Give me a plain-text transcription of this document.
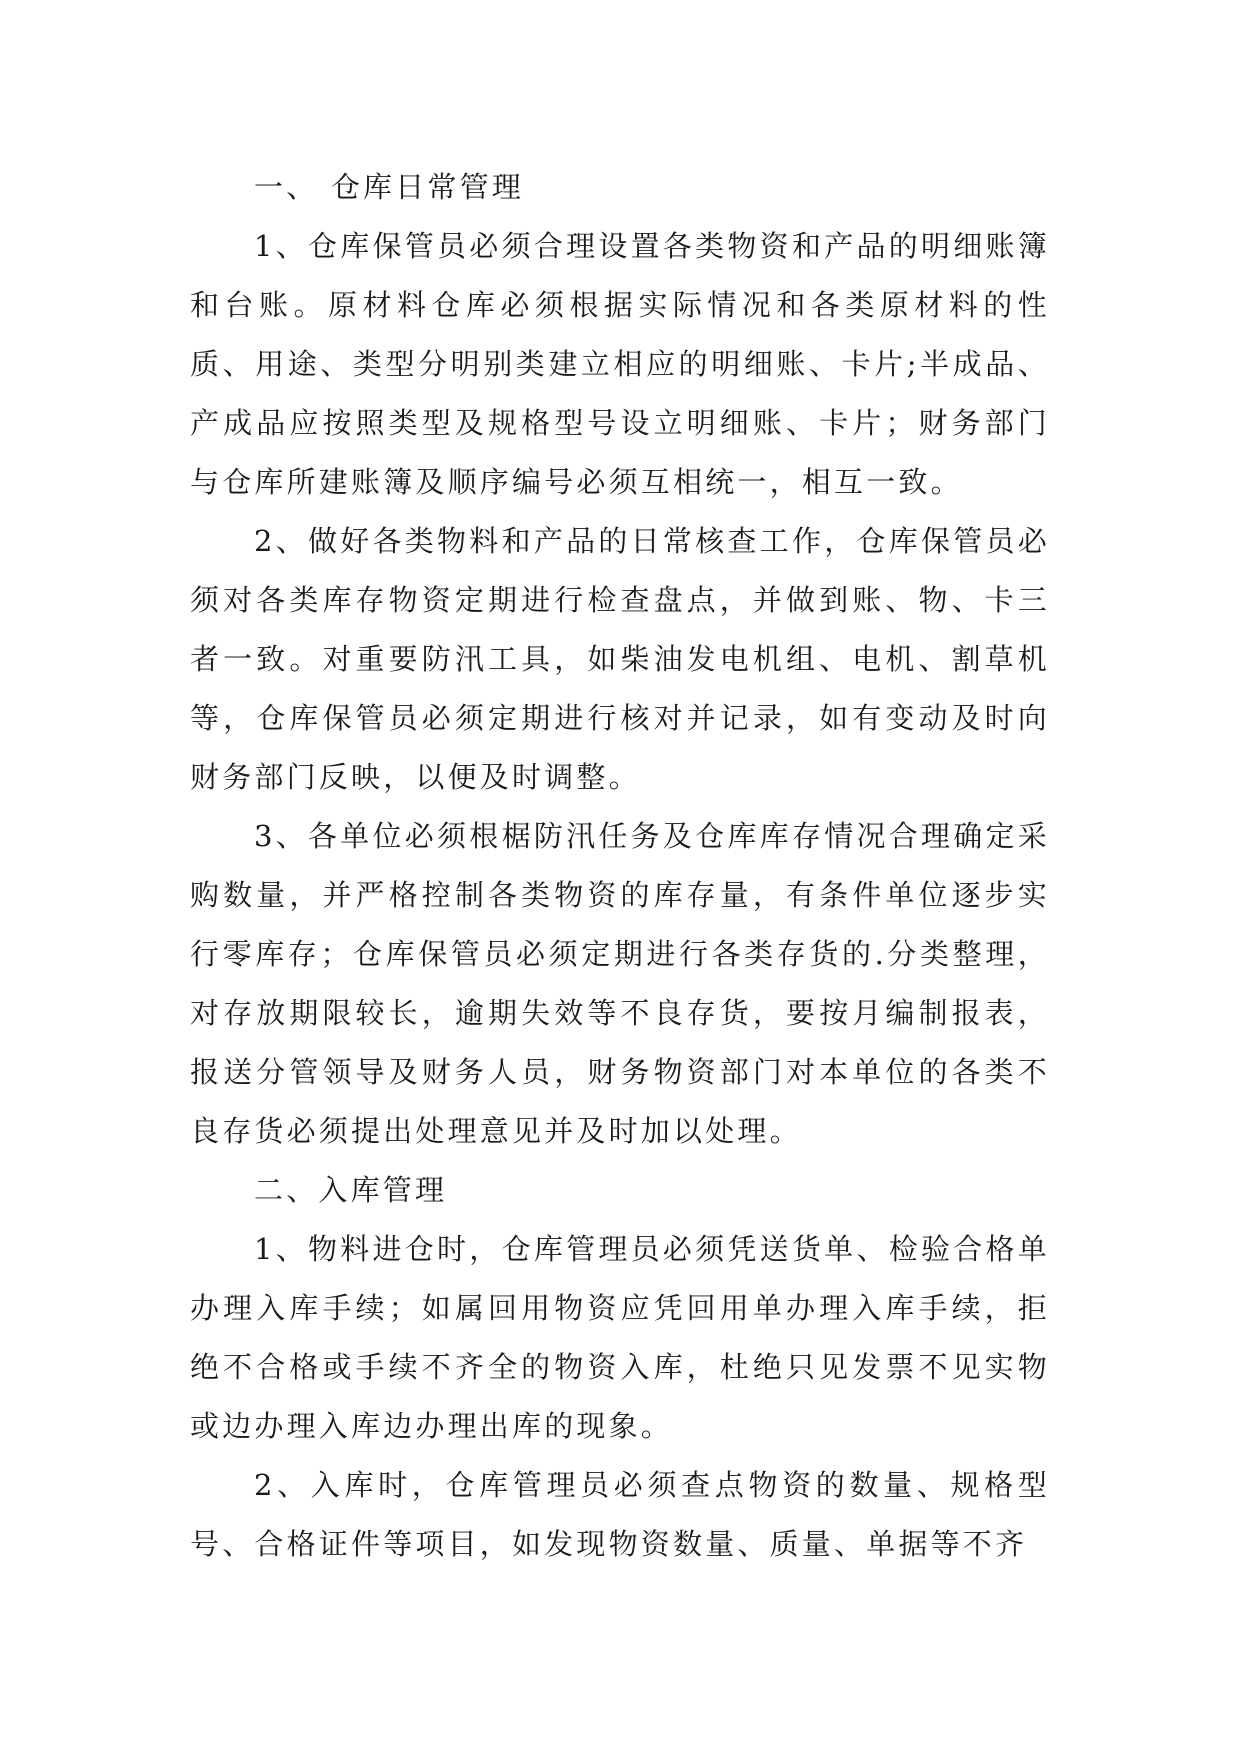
一、 仓库日常管理

1、仓库保管员必须合理设置各类物资和产品的明细账簿和台账。原材料仓库必须根据实际情况和各类原材料的性质、用途、类型分明别类建立相应的明细账、卡片;半成品、产成品应按照类型及规格型号设立明细账、卡片；财务部门与仓库所建账簿及顺序编号必须互相统一，相互一致。

2、做好各类物料和产品的日常核查工作，仓库保管员必须对各类库存物资定期进行检查盘点，并做到账、物、卡三者一致。对重要防汛工具，如柴油发电机组、电机、割草机等，仓库保管员必须定期进行核对并记录，如有变动及时向财务部门反映，以便及时调整。

3、各单位必须根椐防汛任务及仓库库存情况合理确定采购数量，并严格控制各类物资的库存量，有条件单位逐步实行零库存；仓库保管员必须定期进行各类存货的.分类整理，对存放期限较长，逾期失效等不良存货，要按月编制报表，报送分管领导及财务人员，财务物资部门对本单位的各类不良存货必须提出处理意见并及时加以处理。

二、入库管理

1、物料进仓时，仓库管理员必须凭送货单、检验合格单办理入库手续；如属回用物资应凭回用单办理入库手续，拒绝不合格或手续不齐全的物资入库，杜绝只见发票不见实物或边办理入库边办理出库的现象。

2、入库时，仓库管理员必须查点物资的数量、规格型号、合格证件等项目，如发现物资数量、质量、单据等不齐
